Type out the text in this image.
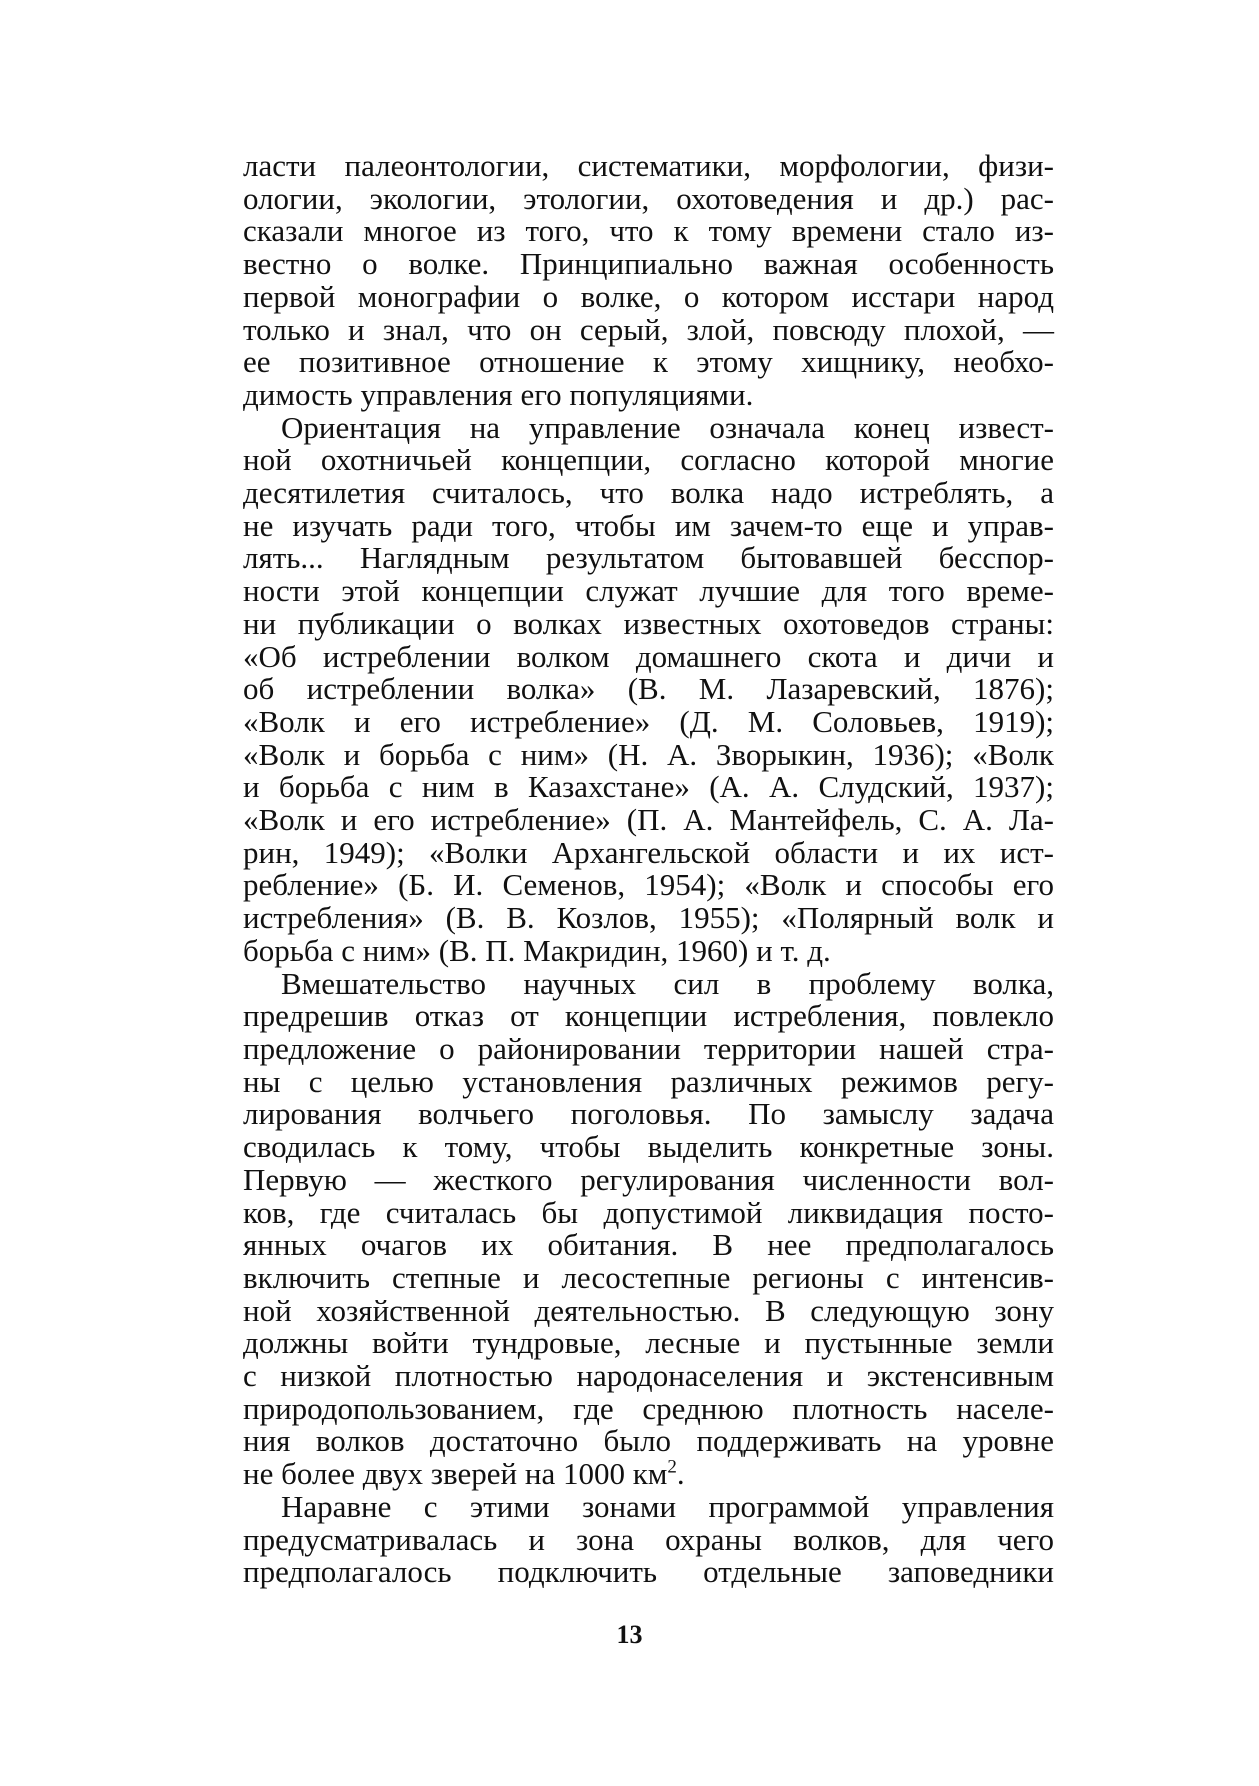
ласти палеонтологии, систематики, морфологии, физи-
ологии, экологии, этологии, охотоведения и др.) рас-
сказали многое из того, что к тому времени стало из-
вестно о волке. Принципиально важная особенность
первой монографии о волке, о котором исстари народ
только и знал, что он серый, злой, повсюду плохой, —
ее позитивное отношение к этому хищнику, необхо-
димость управления его популяциями.

Ориентация на управление означала конец извест-
ной охотничьей концепции, согласно которой многие
десятилетия считалось, что волка надо истреблять, а
не изучать ради того, чтобы им зачем-то еще и управ-
лять... Наглядным результатом бытовавшей бесспор-
ности этой концепции служат лучшие для того време-
ни публикации о волках известных охотоведов страны:
«Об истреблении волком домашнего скота и дичи и
об истреблении волка» (В. М. Лазаревский, 1876);
«Волк и его истребление» (Д. М. Соловьев, 1919);
«Волк и борьба с ним» (Н. А. Зворыкин, 1936); «Волк
и борьба с ним в Казахстане» (А. А. Слудский, 1937);
«Волк и его истребление» (П. А. Мантейфель, С. А. Ла-
рин, 1949); «Волки Архангельской области и их ист-
ребление» (Б. И. Семенов, 1954); «Волк и способы его
истребления» (В. В. Козлов, 1955); «Полярный волк и
борьба с ним» (В. П. Макридин, 1960) и т. д.

Вмешательство научных сил в проблему волка,
предрешив отказ от концепции истребления, повлекло
предложение о районировании территории нашей стра-
ны с целью установления различных режимов регу-
лирования волчьего поголовья. По замыслу задача
сводилась к тому, чтобы выделить конкретные зоны.
Первую — жесткого регулирования численности вол-
ков, где считалась бы допустимой ликвидация посто-
янных очагов их обитания. В нее предполагалось
включить степные и лесостепные регионы с интенсив-
ной хозяйственной деятельностью. В следующую зону
должны войти тундровые, лесные и пустынные земли
с низкой плотностью народонаселения и экстенсивным
природопользованием, где среднюю плотность населе-
ния волков достаточно было поддерживать на уровне
не более двух зверей на 1000 $км^2$.

Наравне с этими зонами программой управления
предусматривалась и зона охраны волков, для чего
предполагалось подключить отдельные заповедники

13
